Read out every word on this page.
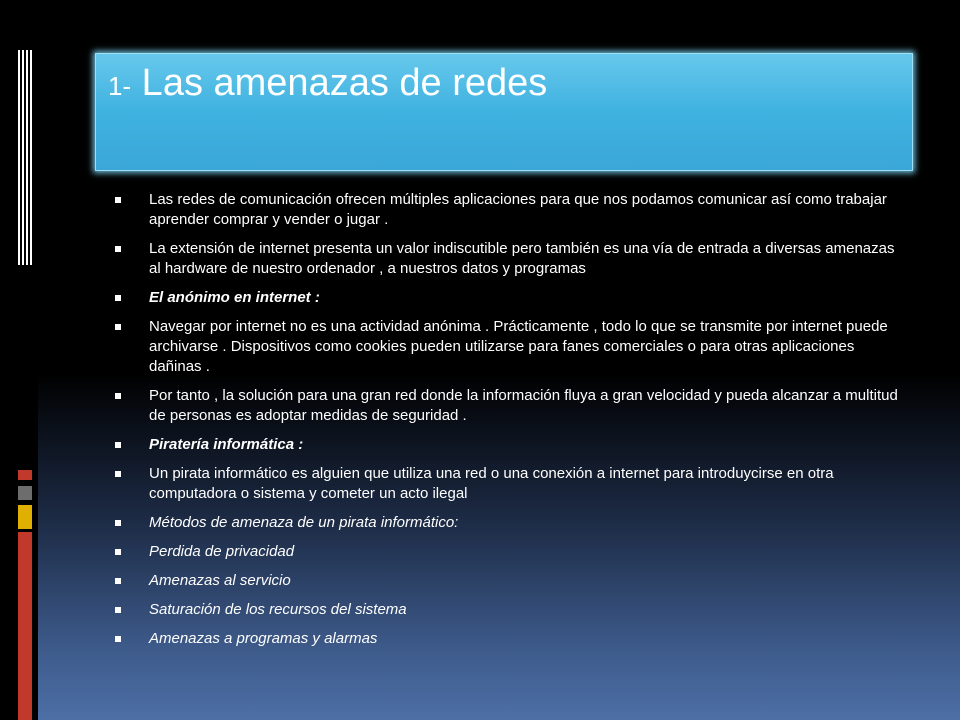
1- Las amenazas de redes
Las redes de comunicación ofrecen múltiples aplicaciones para que nos podamos comunicar así como trabajar aprender comprar y vender o jugar .
La extensión de internet presenta un valor indiscutible pero también es una vía de entrada a diversas amenazas al hardware de nuestro ordenador , a nuestros datos y programas
El anónimo en internet :
Navegar por internet no es una actividad anónima . Prácticamente , todo lo que se transmite por internet puede archivarse . Dispositivos como cookies pueden utilizarse para fanes comerciales o para otras aplicaciones dañinas .
Por tanto , la solución para una gran red donde la información fluya a gran velocidad y pueda alcanzar a multitud de personas es adoptar medidas de seguridad .
Piratería informática :
Un pirata informático es alguien que utiliza una red o una conexión a internet para introduycirse en otra computadora o sistema y cometer un acto ilegal
Métodos de amenaza de un pirata informático:
Perdida de privacidad
Amenazas al servicio
Saturación de los recursos del sistema
Amenazas a programas y alarmas
